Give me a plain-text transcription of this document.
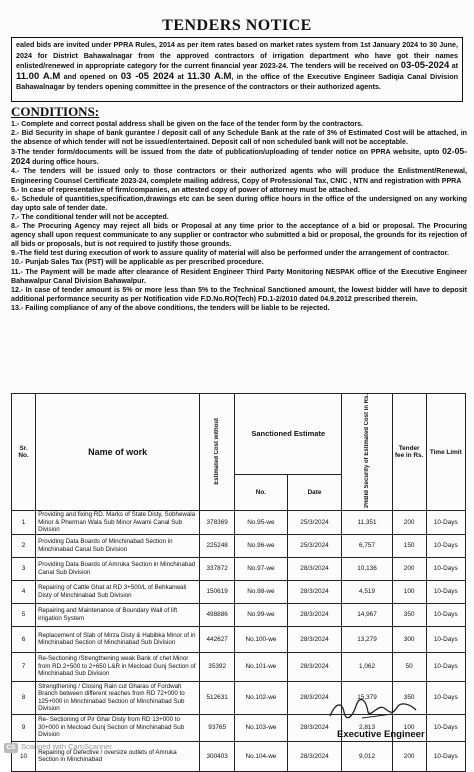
TENDERS NOTICE
ealed bids are invited under PPRA Rules, 2014 as per item rates based on market rates system from 1st January 2024 to 30 June, 2024 for District Bahawalnagar from the approved contractors of irrigation department who have got their names enlisted/renewed in appropriate category for the current financial year 2023-24. The tenders will be received on 03-05-2024 at 11.00 A.M and opened on 03 -05 2024 at 11.30 A.M, in the office of the Executive Engineer Sadiqia Canal Division Bahawalnagar by tenders opening committee in the presence of the contractors or their authorized agents.
CONDITIONS:

1.- Complete and correct postal address shall be given on the face of the tender form by the contractors.

2.- Bid Security in shape of bank gurantee / deposit call of any Schedule Bank at the rate of 3% of Estimated Cost will be attached, in the absence of which tender will not be issued/entertained. Deposit call of non scheduled bank will not be acceptable.

3-The tender form/documents will be issued from the date of publication/uploading of tender notice on PPRA website, upto 02-05-2024 during office hours.

4.- The tenders will be issued only to those contractors or their authorized agents who will produce the Enlistment/Renewal, Engineering Counsel Certificate 2023-24, complete mailing address, Copy of Professional Tax, CNIC , NTN and registration with PPRA

5.- In case of representative of firm/companies, an attested copy of power of attorney must be attached.

6.- Schedule of quantities,specification,drawings etc can be seen during office hours in the office of the undersigned on any working day upto sale of tender date.

7.- The conditional tender will not be accepted.

8.- The Procuring Agency may reject all bids or Proposal at any time prior to the acceptance of a bid or proposal. The Procuring agency shall upon request communicate to any supplier or contractor who submitted a bid or proposal, the grounds for its rejection of all bids or proposals, but is not required to justify those grounds.

9.-The field test during execution of work to assure quality of material will also be performed under the arrangement of contractor.

10.- Punjab Sales Tax (PST) will be applicable as per prescribed procedure.

11.- The Payment will be made after clearance of Resident Engineer Third Party Monitoring NESPAK office of the Executive Engineer Bahawalpur Canal Division Bahawalpur.

12.- In case of tender amount is 5% or more less than 5% to the Technical Sanctioned amount, the lowest bidder will have to deposit additional performance security as per Notification vide F.D.No.RO(Tech) FD.1-2/2010 dated 04.9.2012 prescribed therein.

13.- Failing compliance of any of the above conditions, the tenders will be liable to be rejected.

Sr. No.	Name of work	Estimated Cost without	Sanctioned Estimate		3%Bid Security of Estimated Cost in Rs.	Tender fee in Rs.	Time Limit
			No.	Date			
1	Providing and fixing RD. Marks of State Disty, Sobhewala Minor & Pherman Wala Sub Minor Awami Canal Sub Division	378369	No.95-we	25/3/2024	11,351	200	10-Days
2	Providing Data Boards of Minchinabad Section in Minchinabad Canal Sub Division	225248	No.96-we	25/3/2024	6,757	150	10-Days
3	Providing Data Boards of Amruka Section in Minchinabad Canal Sub Division	337872	No.97-we	28/3/2024	10,136	200	10-Days
4	Repairing of Cattle Ghat at RD 3+500/L of Behkanwali Disty of Minchinabad Sub Division	150619	No.98-we	28/3/2024	4,519	100	10-Days
5	Repairing and Maintenance of Boundary Wall of lift irrigation System	498886	No.99-we	28/3/2024	14,967	350	10-Days
6	Replacement of Slab of Mirza Disty & Habibka Minor of in Minchinabad Section of Minchinabad Sub Division	442627	No.100-we	28/3/2024	13,279	300	10-Days
7	Re-Sectioning /Strengthening weak Bank of chet Minor from RD.2+500 to 2+650 L&R in Mecload Gunj Section of Minchinabad Sub Division	35392	No.101-we	28/3/2024	1,062	50	10-Days
8	Strengthening / Closing Rain cut Gharas of Fordwah Branch between different reaches from RD 72+000 to 125+000 in Minchinabad Section of Minchinabad Sub Division	512631	No.102-we	28/3/2024	15,379	350	10-Days
9	Re- Sectioning of Pir Ghar Disty from RD 13+000 to 30+000 in Mecload Gunj Section of Minchinabad Sub Division	93765	No.103-we	28/3/2024	2,813	100	10-Days
10	Repairing of Defective / oversize outlets of Amruka Section in Minchinabad	300403	No.104-we	28/3/2024	9,012	200	10-Days
Executive Engineer
CS Scanned with CamScanner
